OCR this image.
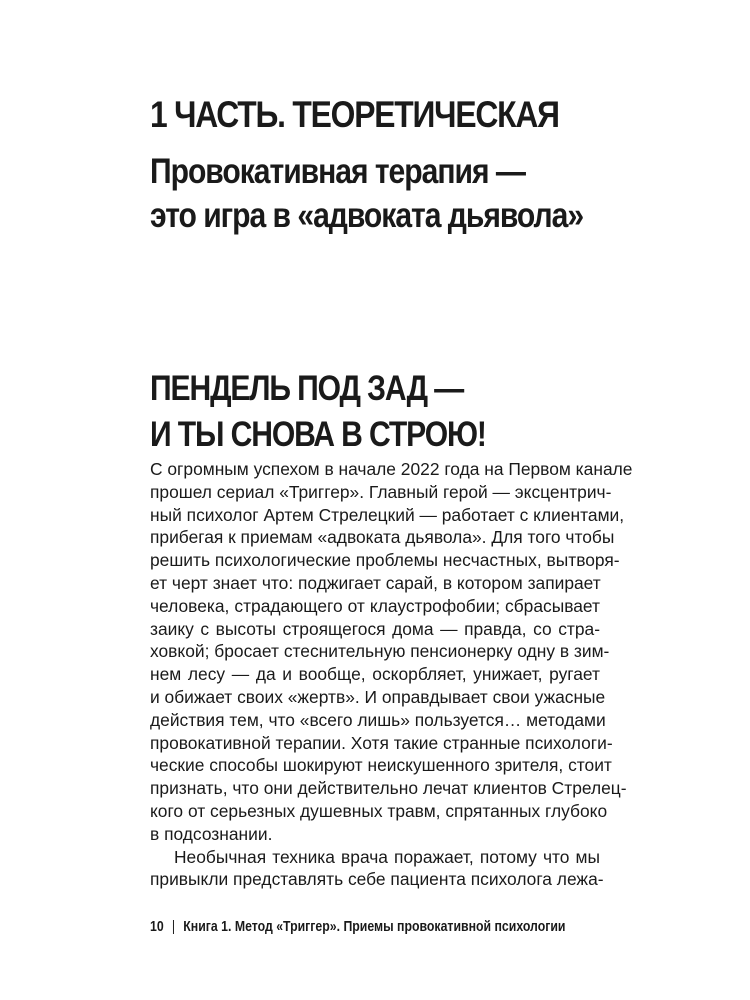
1 ЧАСТЬ. ТЕОРЕТИЧЕСКАЯ
Провокативная терапия —
это игра в «адвоката дьявола»
ПЕНДЕЛЬ ПОД ЗАД —
И ТЫ СНОВА В СТРОЮ!
С огромным успехом в начале 2022 года на Первом канале
прошел сериал «Триггер». Главный герой — эксцентрич-
ный психолог Артем Стрелецкий — работает с клиентами,
прибегая к приемам «адвоката дьявола». Для того чтобы
решить психологические проблемы несчастных, вытворя-
ет черт знает что: поджигает сарай, в котором запирает
человека, страдающего от клаустрофобии; сбрасывает
заику с высоты строящегося дома — правда, со стра-
ховкой; бросает стеснительную пенсионерку одну в зим-
нем лесу — да и вообще, оскорбляет, унижает, ругает
и обижает своих «жертв». И оправдывает свои ужасные
действия тем, что «всего лишь» пользуется… методами
провокативной терапии. Хотя такие странные психологи-
ческие способы шокируют неискушенного зрителя, стоит
признать, что они действительно лечат клиентов Стрелец-
кого от серьезных душевных травм, спрятанных глубоко
в подсознании.
Необычная техника врача поражает, потому что мы
привыкли представлять себе пациента психолога лежа-
10 | Книга 1. Метод «Триггер». Приемы провокативной психологии
